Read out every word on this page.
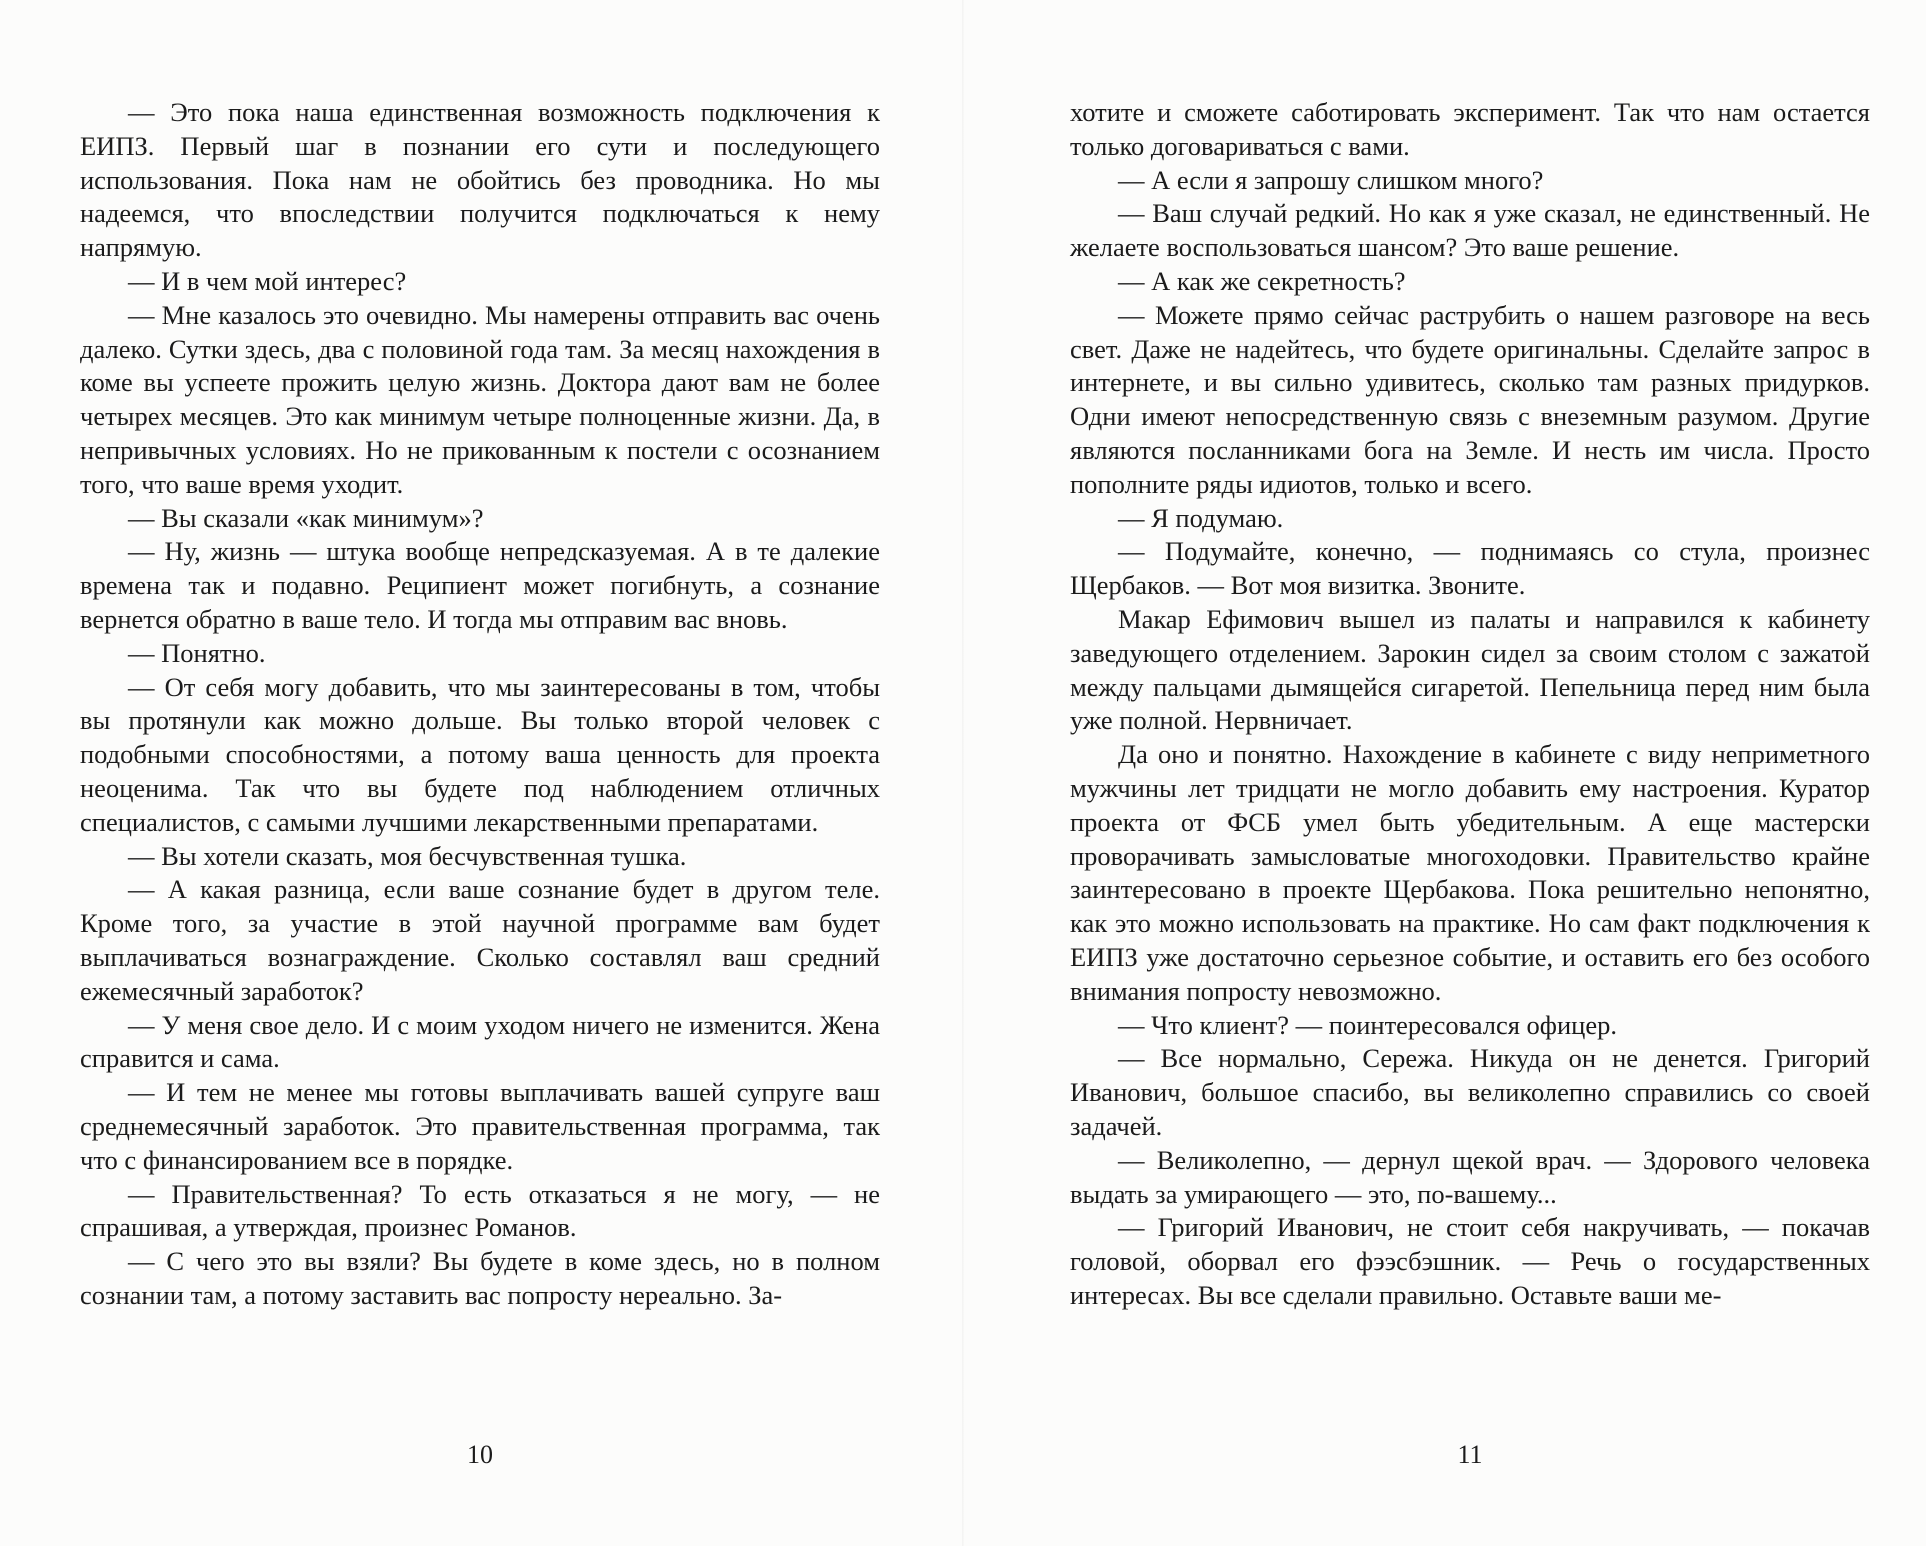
— Это пока наша единственная возможность подключения к ЕИПЗ. Первый шаг в познании его сути и последующего использования. Пока нам не обойтись без проводника. Но мы надеемся, что впоследствии получится подключаться к нему напрямую.

— И в чем мой интерес?

— Мне казалось это очевидно. Мы намерены отправить вас очень далеко. Сутки здесь, два с половиной года там. За месяц нахождения в коме вы успеете прожить целую жизнь. Доктора дают вам не более четырех месяцев. Это как минимум четыре полноценные жизни. Да, в непривычных условиях. Но не прикованным к постели с осознанием того, что ваше время уходит.

— Вы сказали «как минимум»?

— Ну, жизнь — штука вообще непредсказуемая. А в те далекие времена так и подавно. Реципиент может погибнуть, а сознание вернется обратно в ваше тело. И тогда мы отправим вас вновь.

— Понятно.

— От себя могу добавить, что мы заинтересованы в том, чтобы вы протянули как можно дольше. Вы только второй человек с подобными способностями, а потому ваша ценность для проекта неоценима. Так что вы будете под наблюдением отличных специалистов, с самыми лучшими лекарственными препаратами.

— Вы хотели сказать, моя бесчувственная тушка.

— А какая разница, если ваше сознание будет в другом теле. Кроме того, за участие в этой научной программе вам будет выплачиваться вознаграждение. Сколько составлял ваш средний ежемесячный заработок?

— У меня свое дело. И с моим уходом ничего не изменится. Жена справится и сама.

— И тем не менее мы готовы выплачивать вашей супруге ваш среднемесячный заработок. Это правительственная программа, так что с финансированием все в порядке.

— Правительственная? То есть отказаться я не могу, — не спрашивая, а утверждая, произнес Романов.

— С чего это вы взяли? Вы будете в коме здесь, но в полном сознании там, а потому заставить вас попросту нереально. За-

10

хотите и сможете саботировать эксперимент. Так что нам остается только договариваться с вами.

— А если я запрошу слишком много?

— Ваш случай редкий. Но как я уже сказал, не единственный. Не желаете воспользоваться шансом? Это ваше решение.

— А как же секретность?

— Можете прямо сейчас раструбить о нашем разговоре на весь свет. Даже не надейтесь, что будете оригинальны. Сделайте запрос в интернете, и вы сильно удивитесь, сколько там разных придурков. Одни имеют непосредственную связь с внеземным разумом. Другие являются посланниками бога на Земле. И несть им числа. Просто пополните ряды идиотов, только и всего.

— Я подумаю.

— Подумайте, конечно, — поднимаясь со стула, произнес Щербаков. — Вот моя визитка. Звоните.

Макар Ефимович вышел из палаты и направился к кабинету заведующего отделением. Зарокин сидел за своим столом с зажатой между пальцами дымящейся сигаретой. Пепельница перед ним была уже полной. Нервничает.

Да оно и понятно. Нахождение в кабинете с виду неприметного мужчины лет тридцати не могло добавить ему настроения. Куратор проекта от ФСБ умел быть убедительным. А еще мастерски проворачивать замысловатые многоходовки. Правительство крайне заинтересовано в проекте Щербакова. Пока решительно непонятно, как это можно использовать на практике. Но сам факт подключения к ЕИПЗ уже достаточно серьезное событие, и оставить его без особого внимания попросту невозможно.

— Что клиент? — поинтересовался офицер.

— Все нормально, Сережа. Никуда он не денется. Григорий Иванович, большое спасибо, вы великолепно справились со своей задачей.

— Великолепно, — дернул щекой врач. — Здорового человека выдать за умирающего — это, по-вашему...

— Григорий Иванович, не стоит себя накручивать, — покачав головой, оборвал его фээсбэшник. — Речь о государственных интересах. Вы все сделали правильно. Оставьте ваши ме-

11
